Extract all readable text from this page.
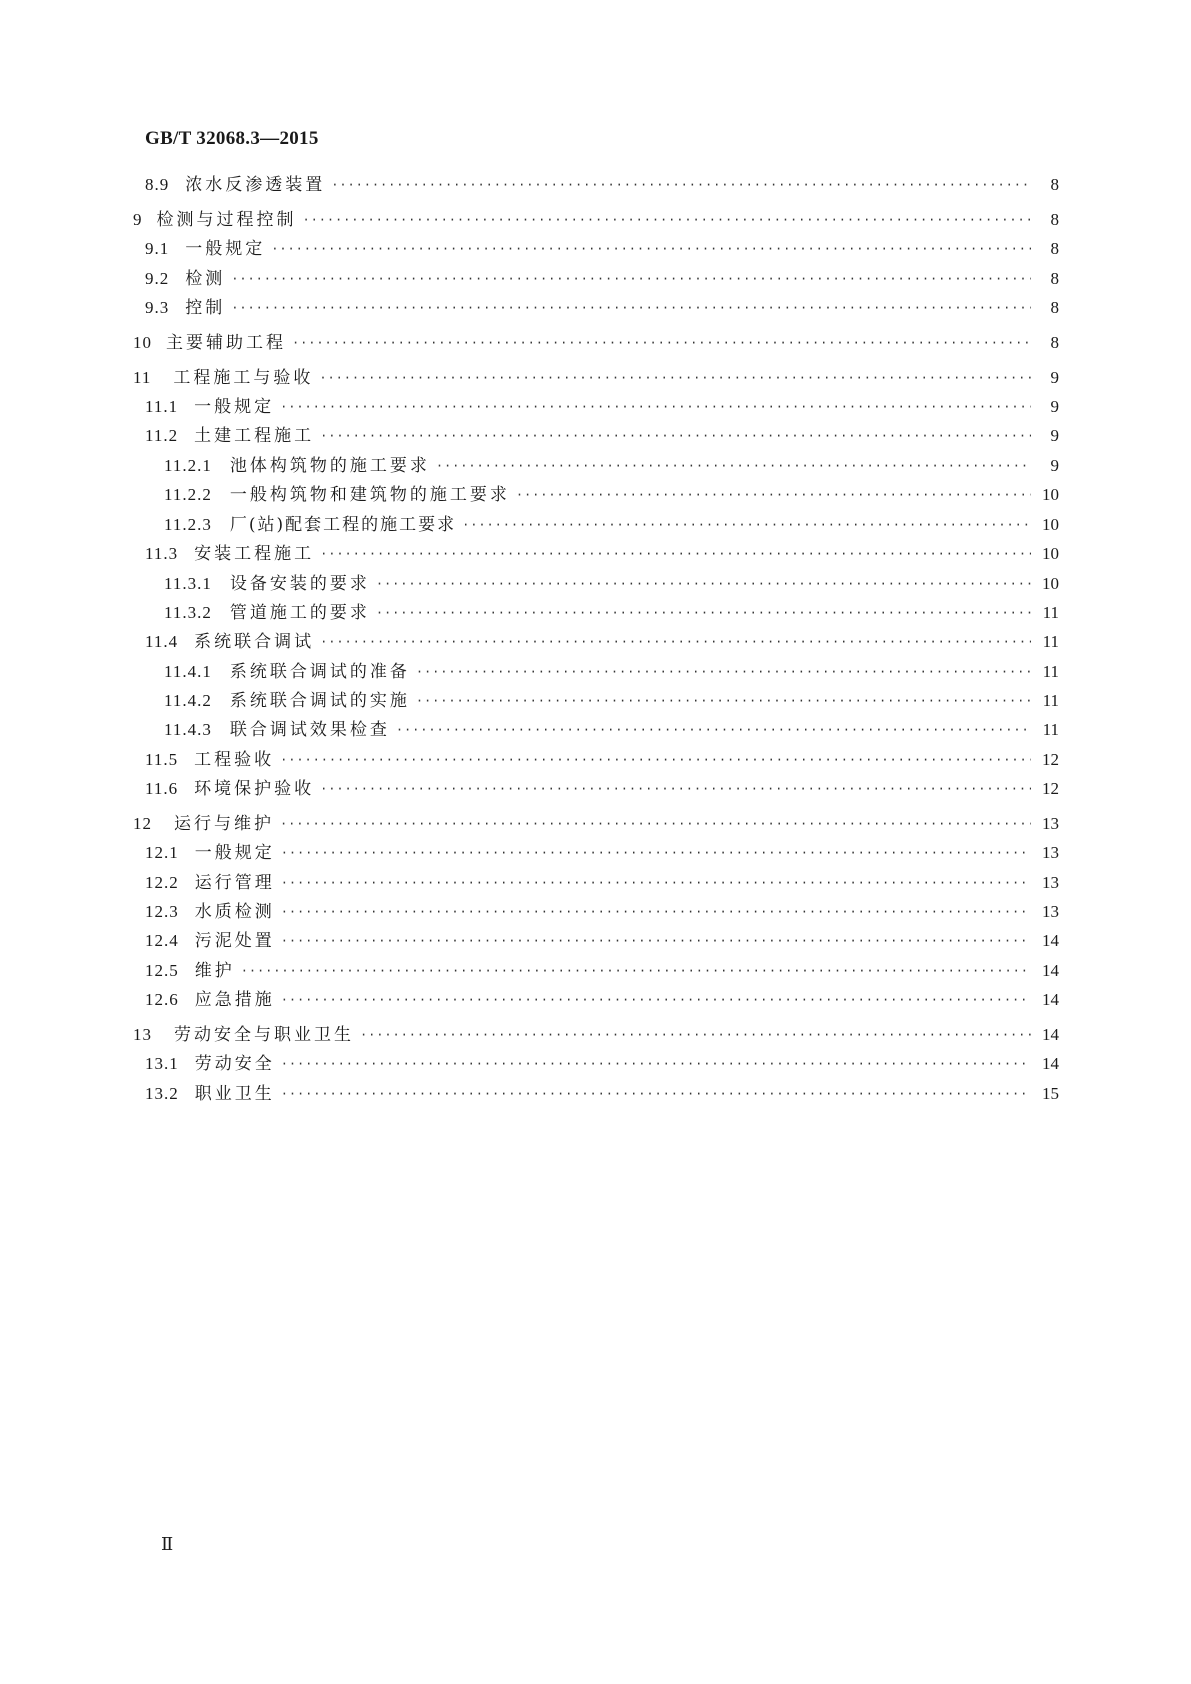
GB/T 32068.3—2015
8.9 浓水反渗透装置 ·····	8
9 检测与过程控制 ·····	8
9.1 一般规定 ·····	8
9.2 检测 ·····	8
9.3 控制 ·····	8
10 主要辅助工程 ·····	8
11 工程施工与验收 ·····	9
11.1 一般规定 ·····	9
11.2 土建工程施工 ·····	9
11.2.1 池体构筑物的施工要求 ·····	9
11.2.2 一般构筑物和建筑物的施工要求 ·····	10
11.2.3 厂(站)配套工程的施工要求 ·····	10
11.3 安装工程施工 ·····	10
11.3.1 设备安装的要求 ·····	10
11.3.2 管道施工的要求 ·····	11
11.4 系统联合调试 ·····	11
11.4.1 系统联合调试的准备 ·····	11
11.4.2 系统联合调试的实施 ·····	11
11.4.3 联合调试效果检查 ·····	11
11.5 工程验收 ·····	12
11.6 环境保护验收 ·····	12
12 运行与维护 ·····	13
12.1 一般规定 ·····	13
12.2 运行管理 ·····	13
12.3 水质检测 ·····	13
12.4 污泥处置 ·····	14
12.5 维护 ·····	14
12.6 应急措施 ·····	14
13 劳动安全与职业卫生 ·····	14
13.1 劳动安全 ·····	14
13.2 职业卫生 ·····	15
Ⅱ
